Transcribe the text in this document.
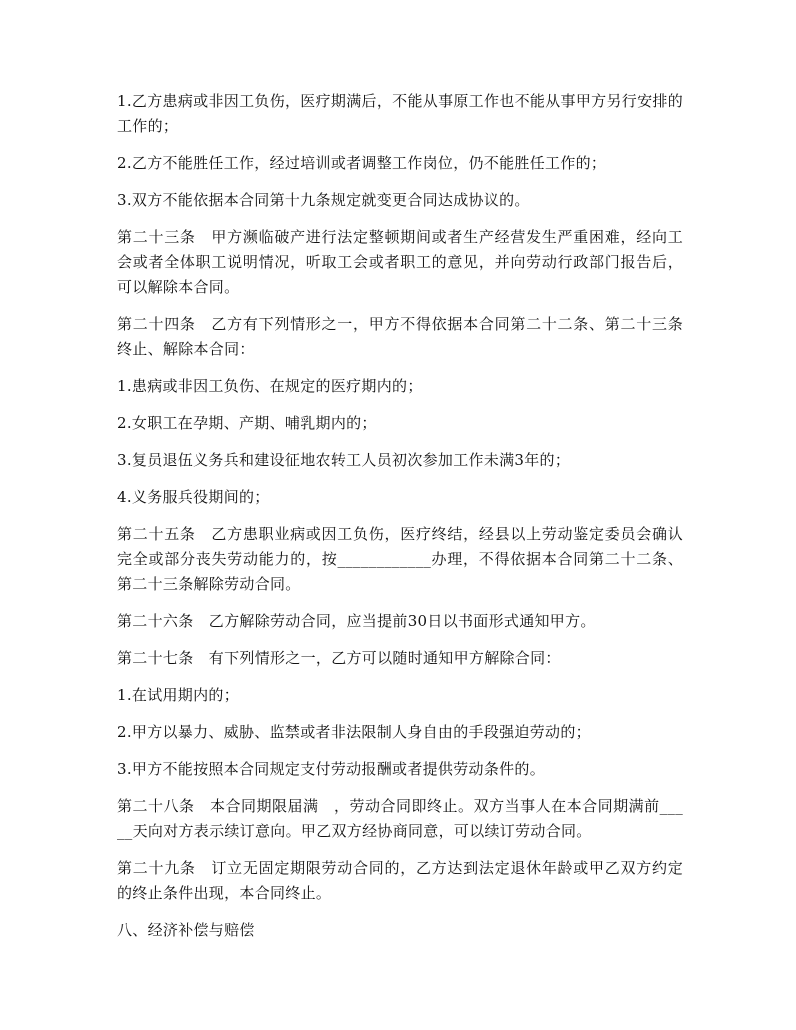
1.乙方患病或非因工负伤，医疗期满后，不能从事原工作也不能从事甲方另行安排的工作的；

2.乙方不能胜任工作，经过培训或者调整工作岗位，仍不能胜任工作的；

3.双方不能依据本合同第十九条规定就变更合同达成协议的。

第二十三条　甲方濒临破产进行法定整顿期间或者生产经营发生严重困难，经向工会或者全体职工说明情况，听取工会或者职工的意见，并向劳动行政部门报告后，可以解除本合同。

第二十四条　乙方有下列情形之一，甲方不得依据本合同第二十二条、第二十三条终止、解除本合同：

1.患病或非因工负伤、在规定的医疗期内的；

2.女职工在孕期、产期、哺乳期内的；

3.复员退伍义务兵和建设征地农转工人员初次参加工作未满3年的；

4.义务服兵役期间的；

第二十五条　乙方患职业病或因工负伤，医疗终结，经县以上劳动鉴定委员会确认完全或部分丧失劳动能力的，按____________办理，不得依据本合同第二十二条、第二十三条解除劳动合同。

第二十六条　乙方解除劳动合同，应当提前30日以书面形式通知甲方。

第二十七条　有下列情形之一，乙方可以随时通知甲方解除合同：

1.在试用期内的；

2.甲方以暴力、威胁、监禁或者非法限制人身自由的手段强迫劳动的；

3.甲方不能按照本合同规定支付劳动报酬或者提供劳动条件的。

第二十八条　本合同期限届满　，劳动合同即终止。双方当事人在本合同期满前_____天向对方表示续订意向。甲乙双方经协商同意，可以续订劳动合同。

第二十九条　订立无固定期限劳动合同的，乙方达到法定退休年龄或甲乙双方约定的终止条件出现，本合同终止。

八、经济补偿与赔偿
